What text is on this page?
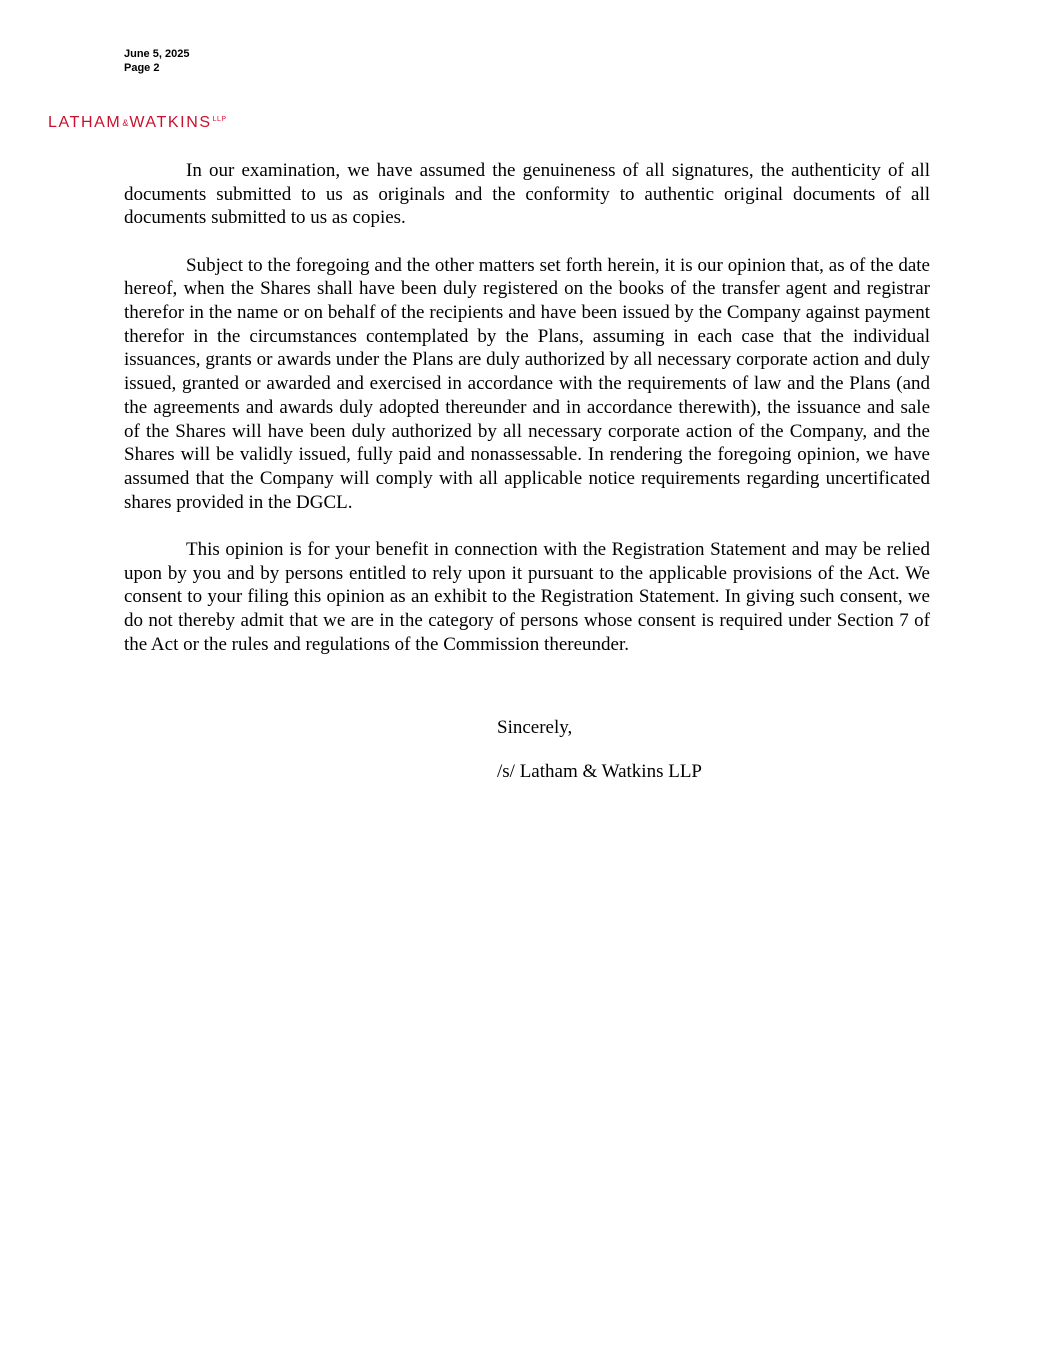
June 5, 2025
Page 2
$LATHAM\&WATKINS^{LLP}$

In our examination, we have assumed the genuineness of all signatures, the authenticity of all documents submitted to us as originals and the conformity to authentic original documents of all documents submitted to us as copies.

Subject to the foregoing and the other matters set forth herein, it is our opinion that, as of the date hereof, when the Shares shall have been duly registered on the books of the transfer agent and registrar therefor in the name or on behalf of the recipients and have been issued by the Company against payment therefor in the circumstances contemplated by the Plans, assuming in each case that the individual issuances, grants or awards under the Plans are duly authorized by all necessary corporate action and duly issued, granted or awarded and exercised in accordance with the requirements of law and the Plans (and the agreements and awards duly adopted thereunder and in accordance therewith), the issuance and sale of the Shares will have been duly authorized by all necessary corporate action of the Company, and the Shares will be validly issued, fully paid and nonassessable. In rendering the foregoing opinion, we have assumed that the Company will comply with all applicable notice requirements regarding uncertificated shares provided in the DGCL.

This opinion is for your benefit in connection with the Registration Statement and may be relied upon by you and by persons entitled to rely upon it pursuant to the applicable provisions of the Act. We consent to your filing this opinion as an exhibit to the Registration Statement. In giving such consent, we do not thereby admit that we are in the category of persons whose consent is required under Section 7 of the Act or the rules and regulations of the Commission thereunder.

Sincerely,
/s/ Latham & Watkins LLP
